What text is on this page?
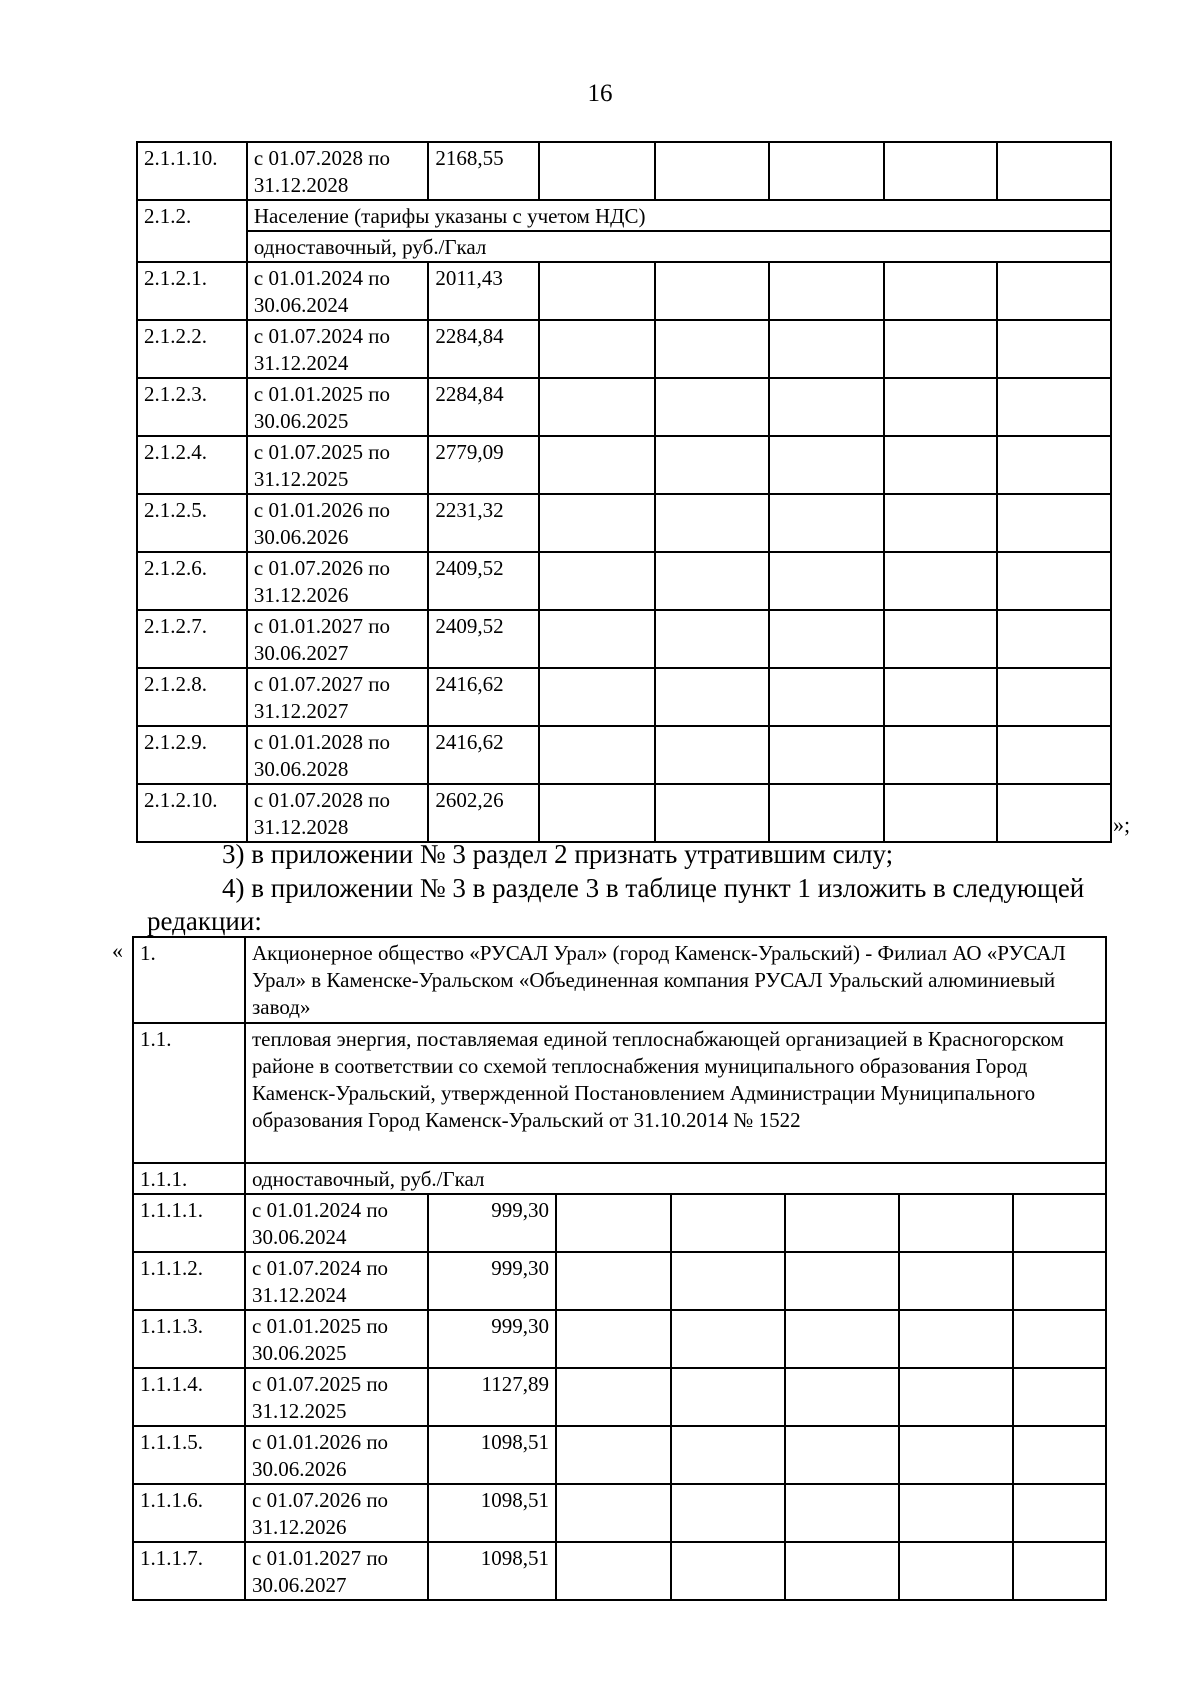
16
2.1.1.10.	с 01.07.2028 по 31.12.2028	2168,55					
2.1.2.	Население (тарифы указаны с учетом НДС)						
	одноставочный, руб./Гкал						
2.1.2.1.	с 01.01.2024 по 30.06.2024	2011,43					
2.1.2.2.	с 01.07.2024 по 31.12.2024	2284,84					
2.1.2.3.	с 01.01.2025 по 30.06.2025	2284,84					
2.1.2.4.	с 01.07.2025 по 31.12.2025	2779,09					
2.1.2.5.	с 01.01.2026 по 30.06.2026	2231,32					
2.1.2.6.	с 01.07.2026 по 31.12.2026	2409,52					
2.1.2.7.	с 01.01.2027 по 30.06.2027	2409,52					
2.1.2.8.	с 01.07.2027 по 31.12.2027	2416,62					
2.1.2.9.	с 01.01.2028 по 30.06.2028	2416,62					
2.1.2.10.	с 01.07.2028 по 31.12.2028	2602,26					
»;
3) в приложении № 3 раздел 2 признать утратившим силу;
4) в приложении № 3 в разделе 3 в таблице пункт 1 изложить в следующей
редакции:
« 1.	Акционерное общество «РУСАЛ Урал» (город Каменск-Уральский) - Филиал АО «РУСАЛ Урал» в Каменске-Уральском «Объединенная компания РУСАЛ Уральский алюминиевый завод»						
1.1.	тепловая энергия, поставляемая единой теплоснабжающей организацией в Красногорском районе в соответствии со схемой теплоснабжения муниципального образования Город Каменск-Уральский, утвержденной Постановлением Администрации Муниципального образования Город Каменск-Уральский от 31.10.2014 № 1522						
1.1.1.	одноставочный, руб./Гкал						
1.1.1.1.	с 01.01.2024 по 30.06.2024	999,30					
1.1.1.2.	с 01.07.2024 по 31.12.2024	999,30					
1.1.1.3.	с 01.01.2025 по 30.06.2025	999,30					
1.1.1.4.	с 01.07.2025 по 31.12.2025	1127,89					
1.1.1.5.	с 01.01.2026 по 30.06.2026	1098,51					
1.1.1.6.	с 01.07.2026 по 31.12.2026	1098,51					
1.1.1.7.	с 01.01.2027 по 30.06.2027	1098,51					
